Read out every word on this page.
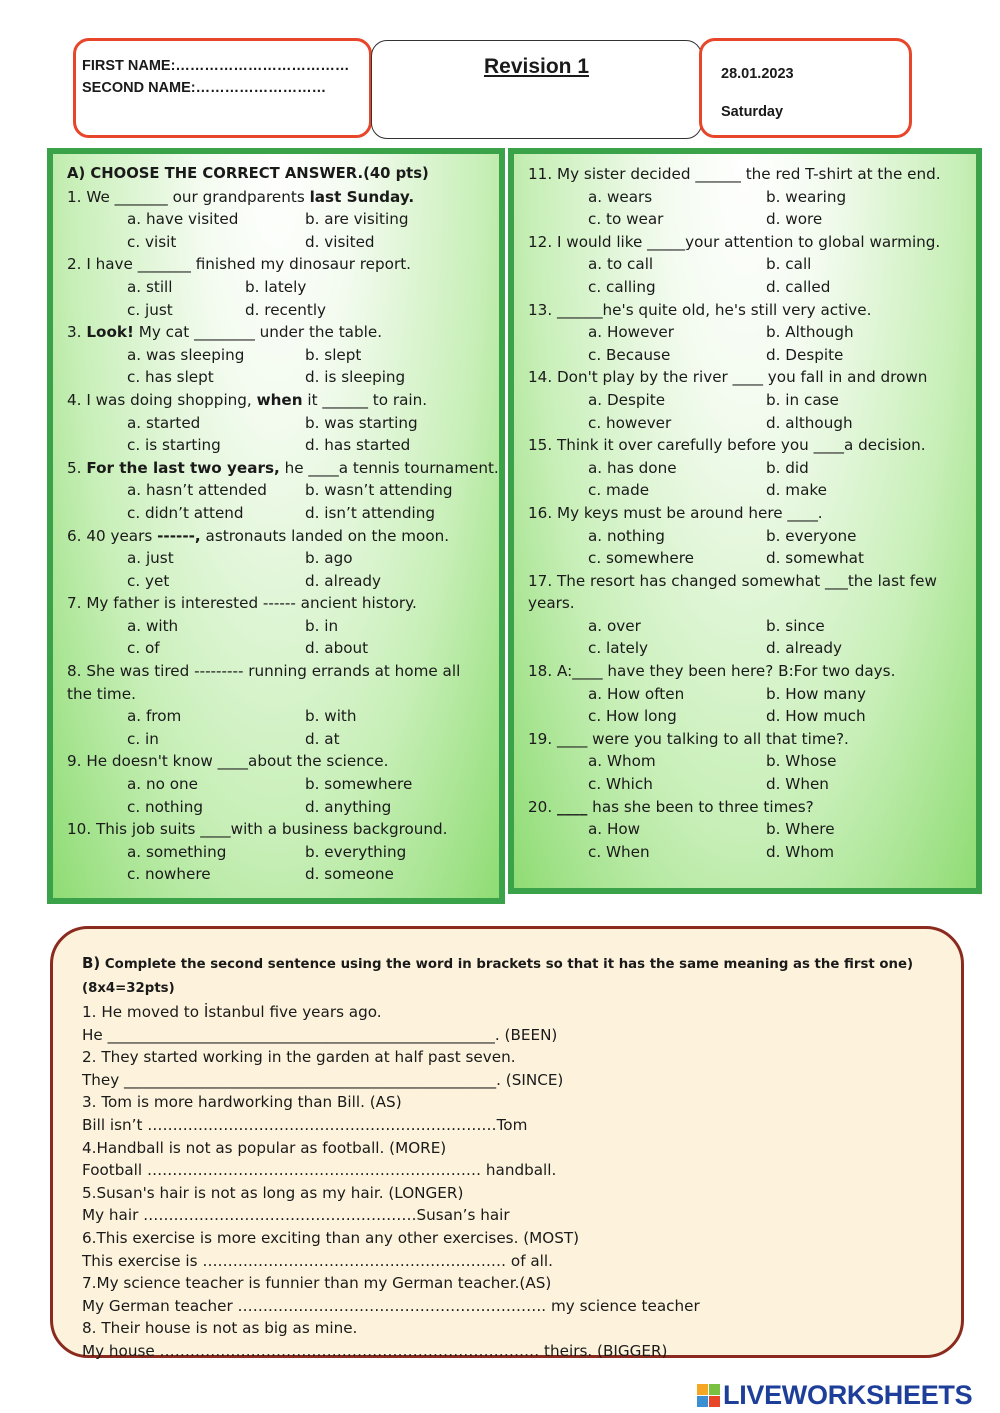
FIRST NAME:………………………………
SECOND NAME:………………………
Revision 1	28.01.2023
Saturday
A) CHOOSE THE CORRECT ANSWER.(40 pts)
1. We _______ our grandparents last Sunday.
a. have visited	b. are visiting
c. visit	d. visited
2. I have _______ finished my dinosaur report.
a. still	b. lately
c. just	d. recently
3. Look! My cat ________ under the table.
a. was sleeping	b. slept
c. has slept	d. is sleeping
4. I was doing shopping, when it ______ to rain.
a. started	b. was starting
c. is starting	d. has started
5. For the last two years, he ____a tennis tournament.
a. hasn’t attended	b. wasn’t attending
c. didn’t attend	d. isn’t attending
6. 40 years ------, astronauts landed on the moon.
a. just	b. ago
c. yet	d. already
7. My father is interested ------ ancient history.
a. with	b. in
c. of	d. about
8. She was tired --------- running errands at home all the time.
a. from	b. with
c. in	d. at
9. He doesn't know ____about the science.
a. no one	b. somewhere
c. nothing	d. anything
10. This job suits ____with a business background.
a. something	b. everything
c. nowhere	d. someone
11. My sister decided ______ the red T-shirt at the end.
a. wears	b. wearing
c. to wear	d. wore
12. I would like _____your attention to global warming.
a. to call	b. call
c. calling	d. called
13. ______he's quite old, he's still very active.
a. However	b. Although
c. Because	d. Despite
14. Don't play by the river ____ you fall in and drown
a. Despite	b. in case
c. however	d. although
15. Think it over carefully before you ____a decision.
a. has done	b. did
c. made	d. make
16. My keys must be around here ____.
a. nothing	b. everyone
c. somewhere	d. somewhat
17. The resort has changed somewhat ___the last few years.
a. over	b. since
c. lately	d. already
18. A:____ have they been here? B:For two days.
a. How often	b. How many
c. How long	d. How much
19. ____ were you talking to all that time?.
a. Whom	b. Whose
c. Which	d. When
20. ____ has she been to three times?
a. How	b. Where
c. When	d. Whom
B) Complete the second sentence using the word in brackets so that it has the same meaning as the first one)(8x4=32pts)
1. He moved to İstanbul five years ago.
He ___________________________________________________. (BEEN)
2. They started working in the garden at half past seven.
They _________________________________________________. (SINCE)
3. Tom is more hardworking than Bill. (AS)
Bill isn’t ……………………………………………………………Tom
4.Handball is not as popular as football. (MORE)
Football ………………………………………………………… handball.
5.Susan's hair is not as long as my hair. (LONGER)
My hair ………………………………………………Susan’s hair
6.This exercise is more exciting than any other exercises. (MOST)
This exercise is …………………………………………………… of all.
7.My science teacher is funnier than my German teacher.(AS)
My German teacher ……………………………………………………. my science teacher
8. Their house is not as big as mine.
My house ………………………………………………………………… theirs. (BIGGER)
LIVEWORKSHEETS
